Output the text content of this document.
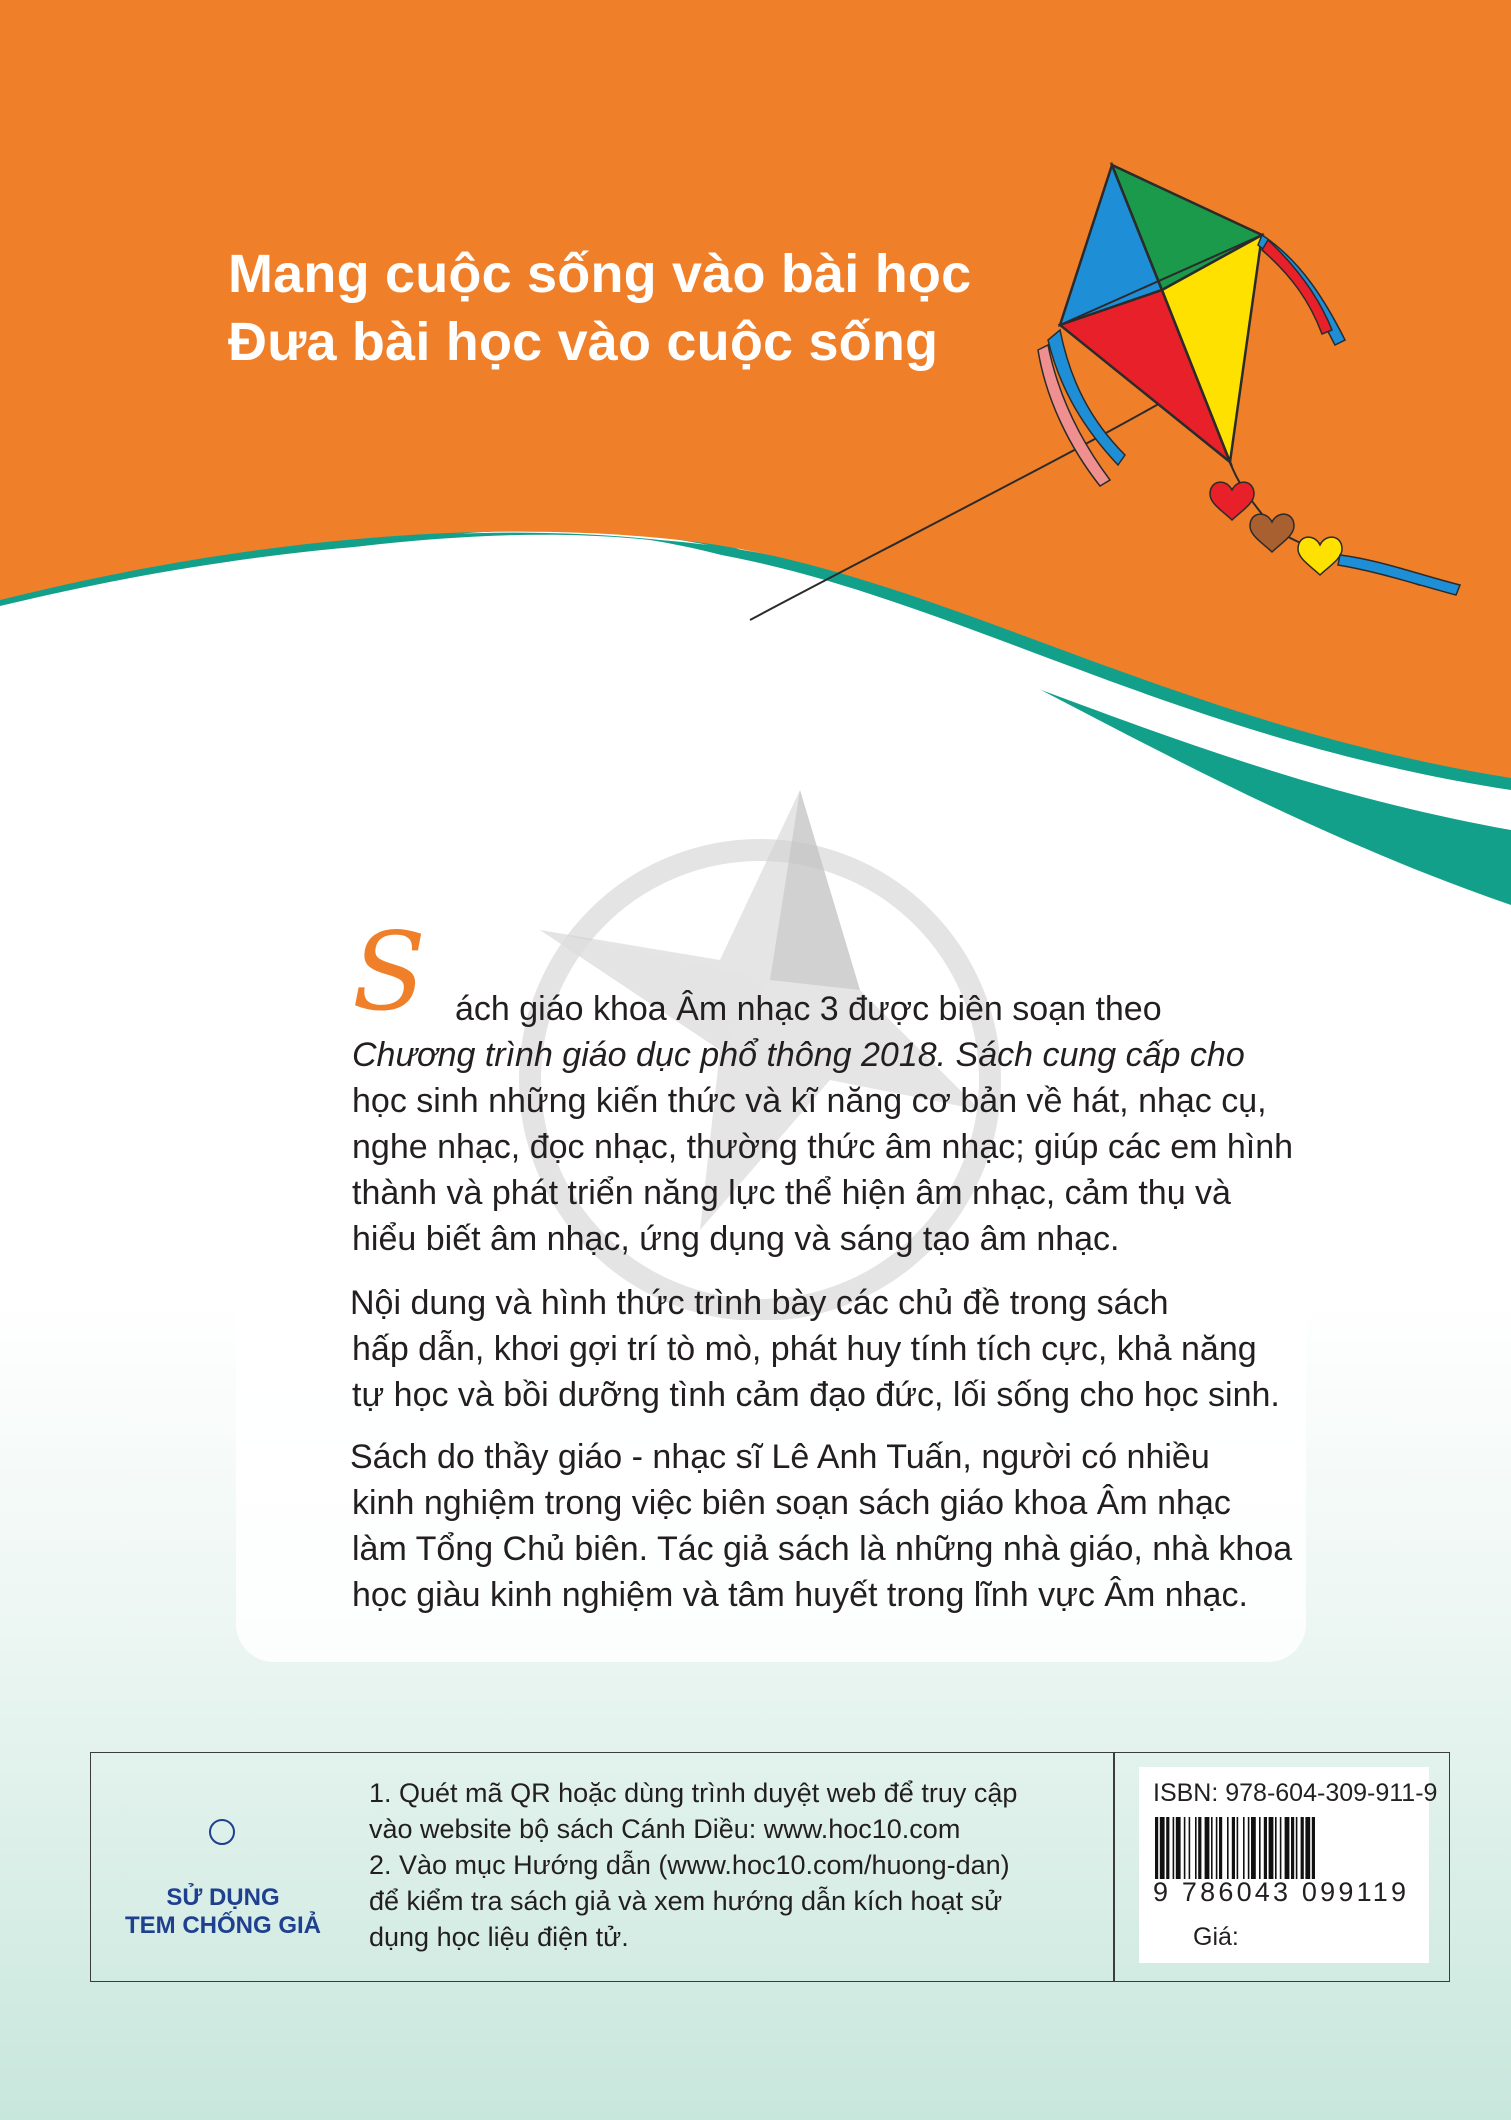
Mang cuộc sống vào bài học
Đưa bài học vào cuộc sống
S ách giáo khoa Âm nhạc 3 được biên soạn theo
Chương trình giáo dục phổ thông 2018. Sách cung cấp cho
học sinh những kiến thức và kĩ năng cơ bản về hát, nhạc cụ,
nghe nhạc, đọc nhạc, thường thức âm nhạc; giúp các em hình
thành và phát triển năng lực thể hiện âm nhạc, cảm thụ và
hiểu biết âm nhạc, ứng dụng và sáng tạo âm nhạc.
Nội dung và hình thức trình bày các chủ đề trong sách
hấp dẫn, khơi gợi trí tò mò, phát huy tính tích cực, khả năng
tự học và bồi dưỡng tình cảm đạo đức, lối sống cho học sinh.
Sách do thầy giáo - nhạc sĩ Lê Anh Tuấn, người có nhiều
kinh nghiệm trong việc biên soạn sách giáo khoa Âm nhạc
làm Tổng Chủ biên. Tác giả sách là những nhà giáo, nhà khoa
học giàu kinh nghiệm và tâm huyết trong lĩnh vực Âm nhạc.
SỬ DỤNG
TEM CHỐNG GIẢ
1. Quét mã QR hoặc dùng trình duyệt web để truy cập
vào website bộ sách Cánh Diều: www.hoc10.com
2. Vào mục Hướng dẫn (www.hoc10.com/huong-dan)
để kiểm tra sách giả và xem hướng dẫn kích hoạt sử
dụng học liệu điện tử.
ISBN: 978-604-309-911-9
9 786043 099119
Giá:
